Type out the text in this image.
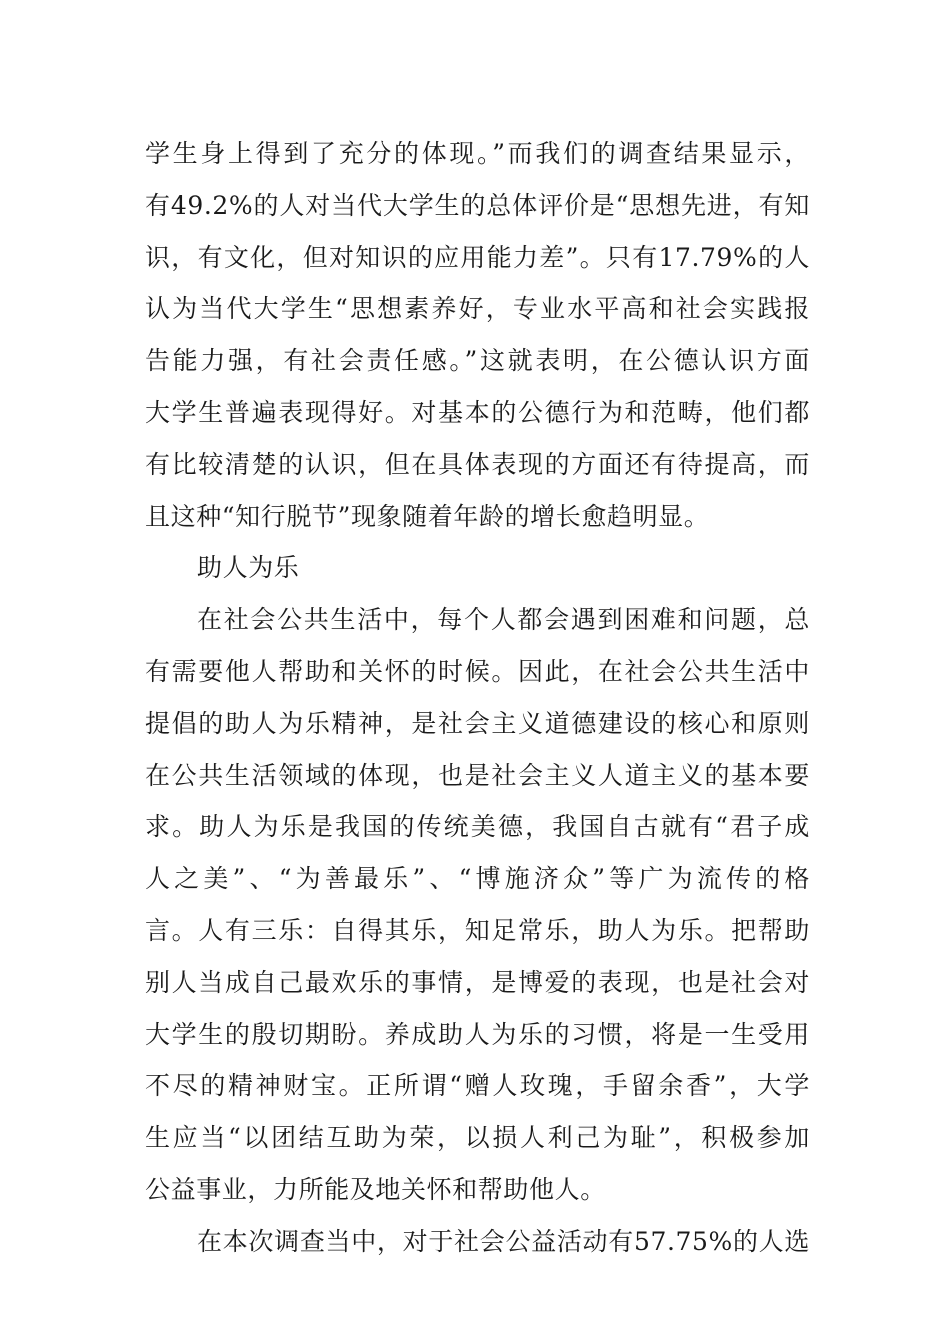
学生身上得到了充分的体现。”而我们的调查结果显示，
有49.2%的人对当代大学生的总体评价是“思想先进，有知
识，有文化，但对知识的应用能力差”。只有17.79%的人
认为当代大学生“思想素养好，专业水平高和社会实践报
告能力强，有社会责任感。”这就表明，在公德认识方面
大学生普遍表现得好。对基本的公德行为和范畴，他们都
有比较清楚的认识，但在具体表现的方面还有待提高，而
且这种“知行脱节”现象随着年龄的增长愈趋明显。
助人为乐
在社会公共生活中，每个人都会遇到困难和问题，总
有需要他人帮助和关怀的时候。因此，在社会公共生活中
提倡的助人为乐精神，是社会主义道德建设的核心和原则
在公共生活领域的体现，也是社会主义人道主义的基本要
求。助人为乐是我国的传统美德，我国自古就有“君子成
人之美”、“为善最乐”、“博施济众”等广为流传的格
言。人有三乐：自得其乐，知足常乐，助人为乐。把帮助
别人当成自己最欢乐的事情，是博爱的表现，也是社会对
大学生的殷切期盼。养成助人为乐的习惯，将是一生受用
不尽的精神财宝。正所谓“赠人玫瑰，手留余香”，大学
生应当“以团结互助为荣，以损人利己为耻”，积极参加
公益事业，力所能及地关怀和帮助他人。
在本次调查当中，对于社会公益活动有57.75%的人选
